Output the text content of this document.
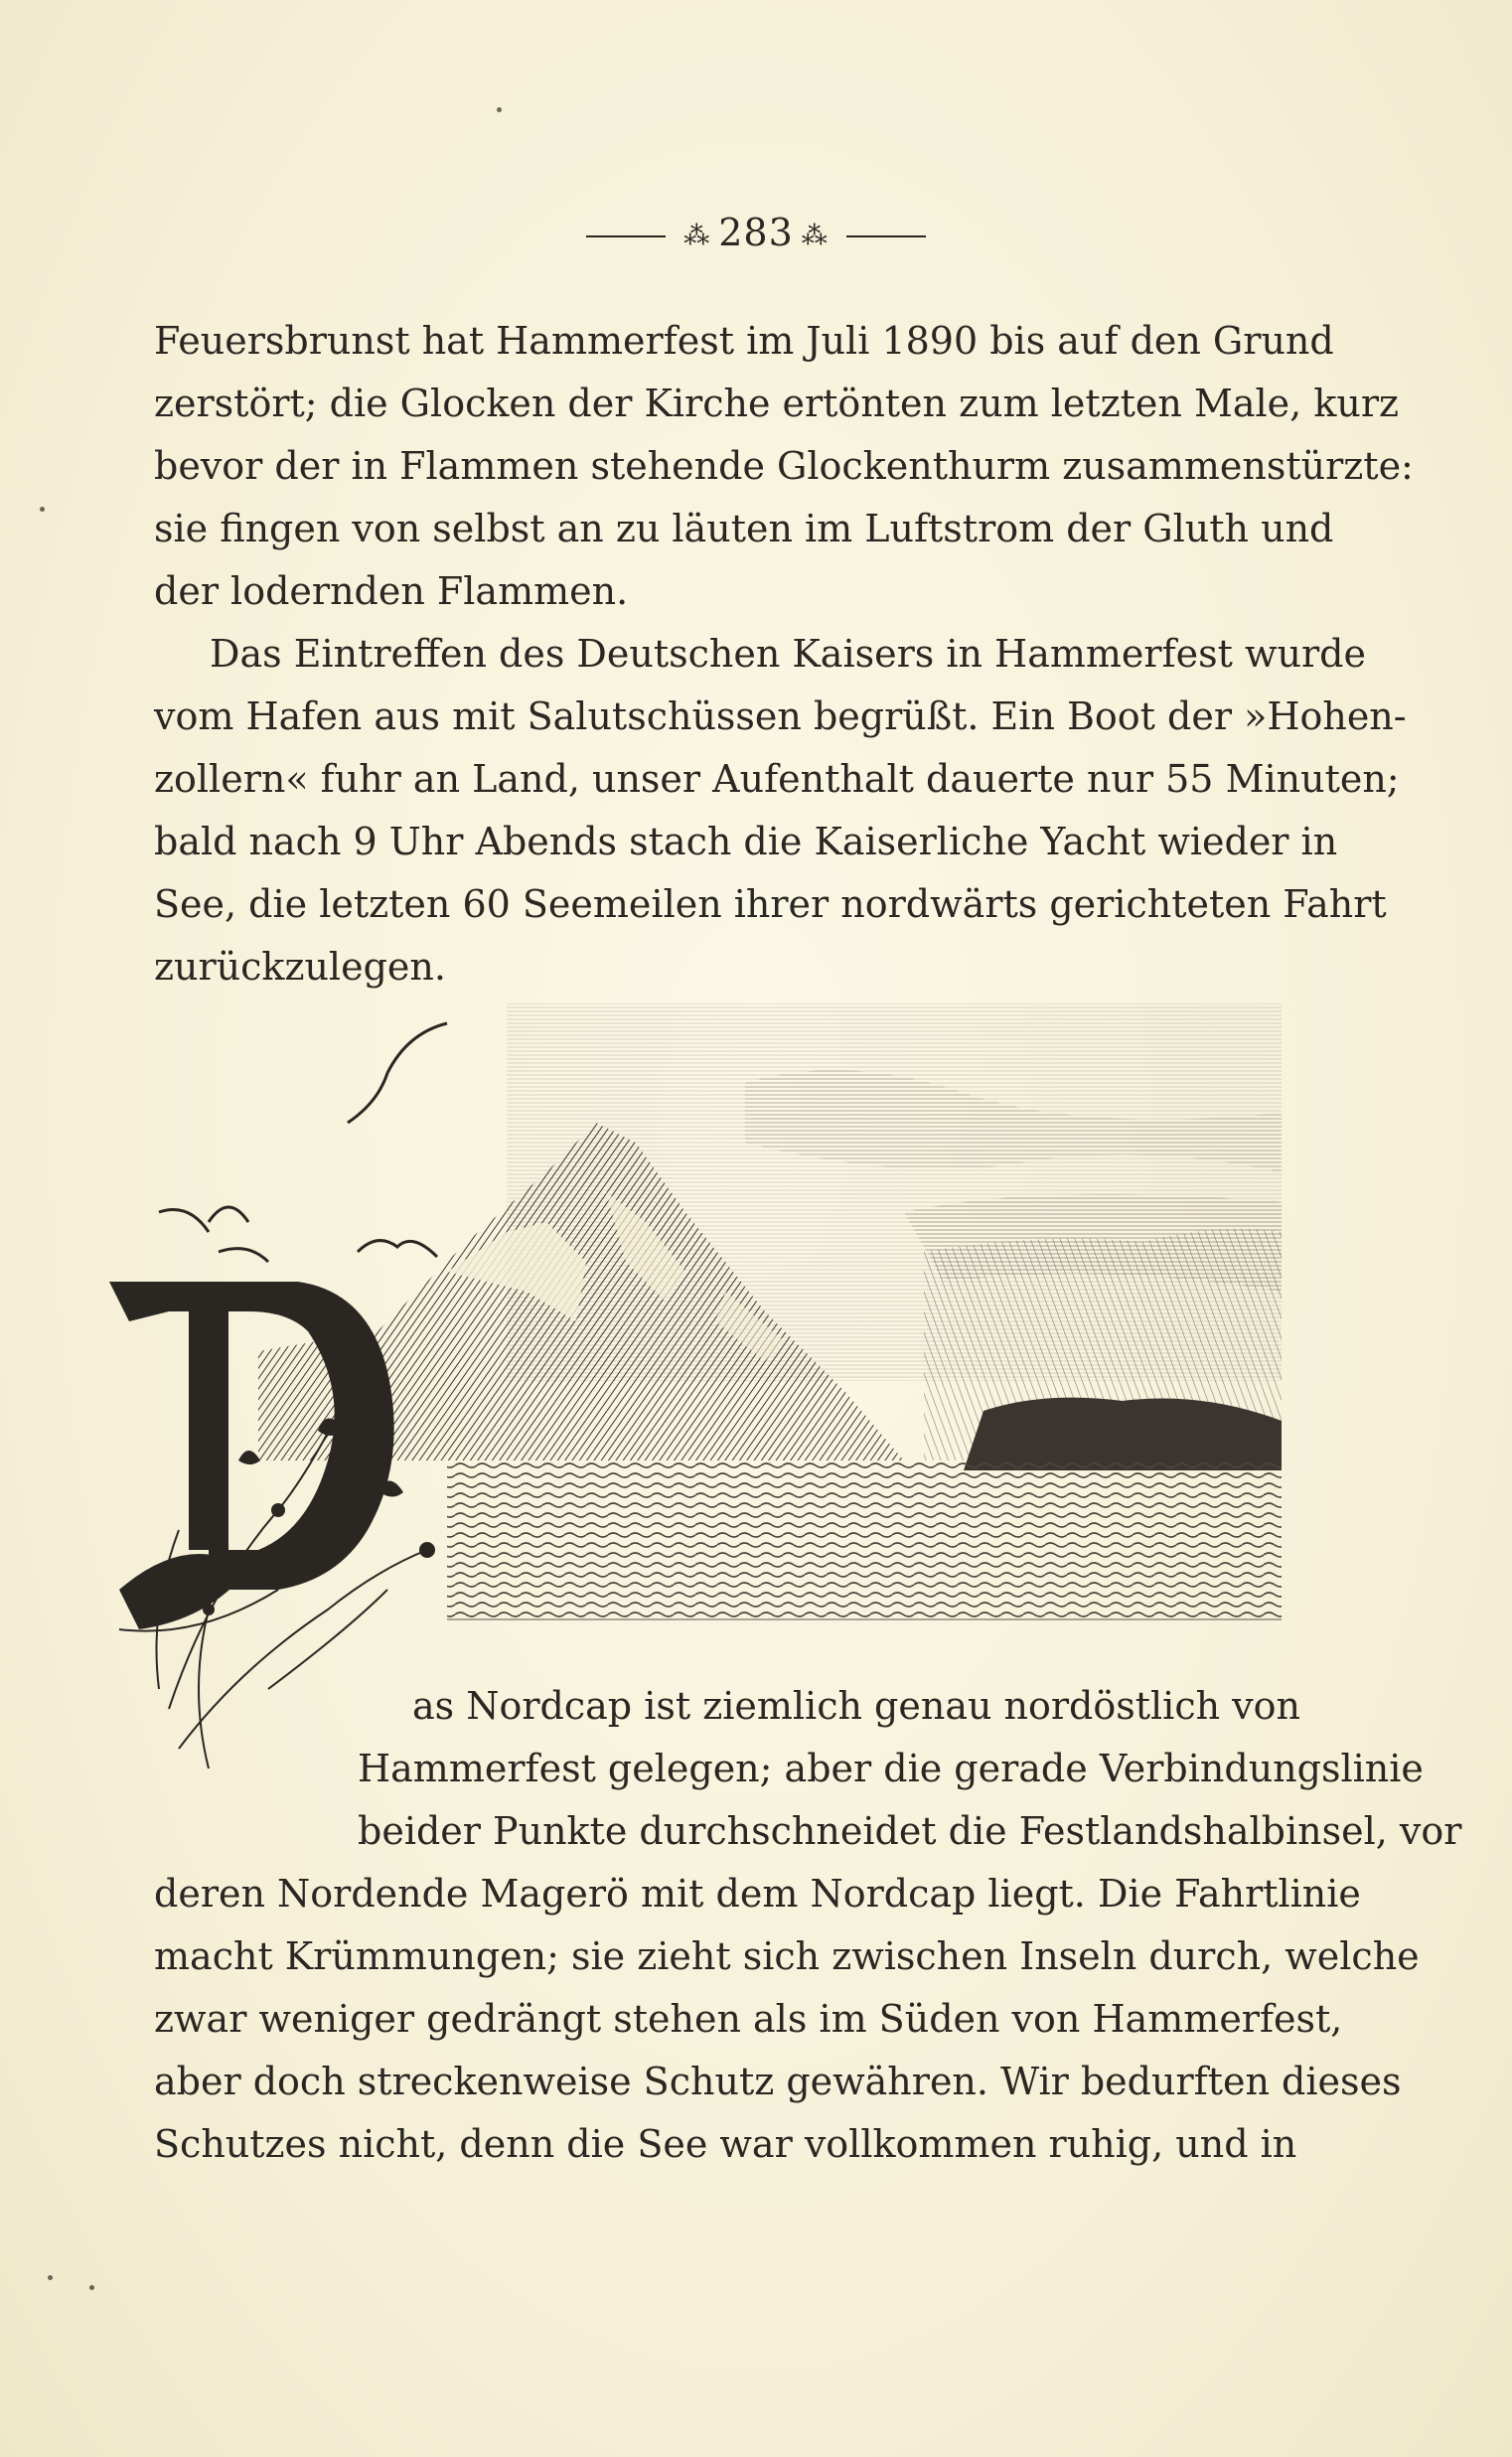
⁂ 283 ⁂
Feuersbrunst hat Hammerfest im Juli 1890 bis auf den Grund
zerstört; die Glocken der Kirche ertönten zum letzten Male, kurz
bevor der in Flammen stehende Glockenthurm zusammenstürzte:
sie fingen von selbst an zu läuten im Luftstrom der Gluth und
der lodernden Flammen.
Das Eintreffen des Deutschen Kaisers in Hammerfest wurde
vom Hafen aus mit Salutschüssen begrüßt. Ein Boot der »Hohen-
zollern« fuhr an Land, unser Aufenthalt dauerte nur 55 Minuten;
bald nach 9 Uhr Abends stach die Kaiserliche Yacht wieder in
See, die letzten 60 Seemeilen ihrer nordwärts gerichteten Fahrt
zurückzulegen.
as Nordcap ist ziemlich genau nordöstlich von
Hammerfest gelegen; aber die gerade Verbindungslinie
beider Punkte durchschneidet die Festlandshalbinsel, vor
deren Nordende Magerö mit dem Nordcap liegt. Die Fahrtlinie
macht Krümmungen; sie zieht sich zwischen Inseln durch, welche
zwar weniger gedrängt stehen als im Süden von Hammerfest,
aber doch streckenweise Schutz gewähren. Wir bedurften dieses
Schutzes nicht, denn die See war vollkommen ruhig, und in
